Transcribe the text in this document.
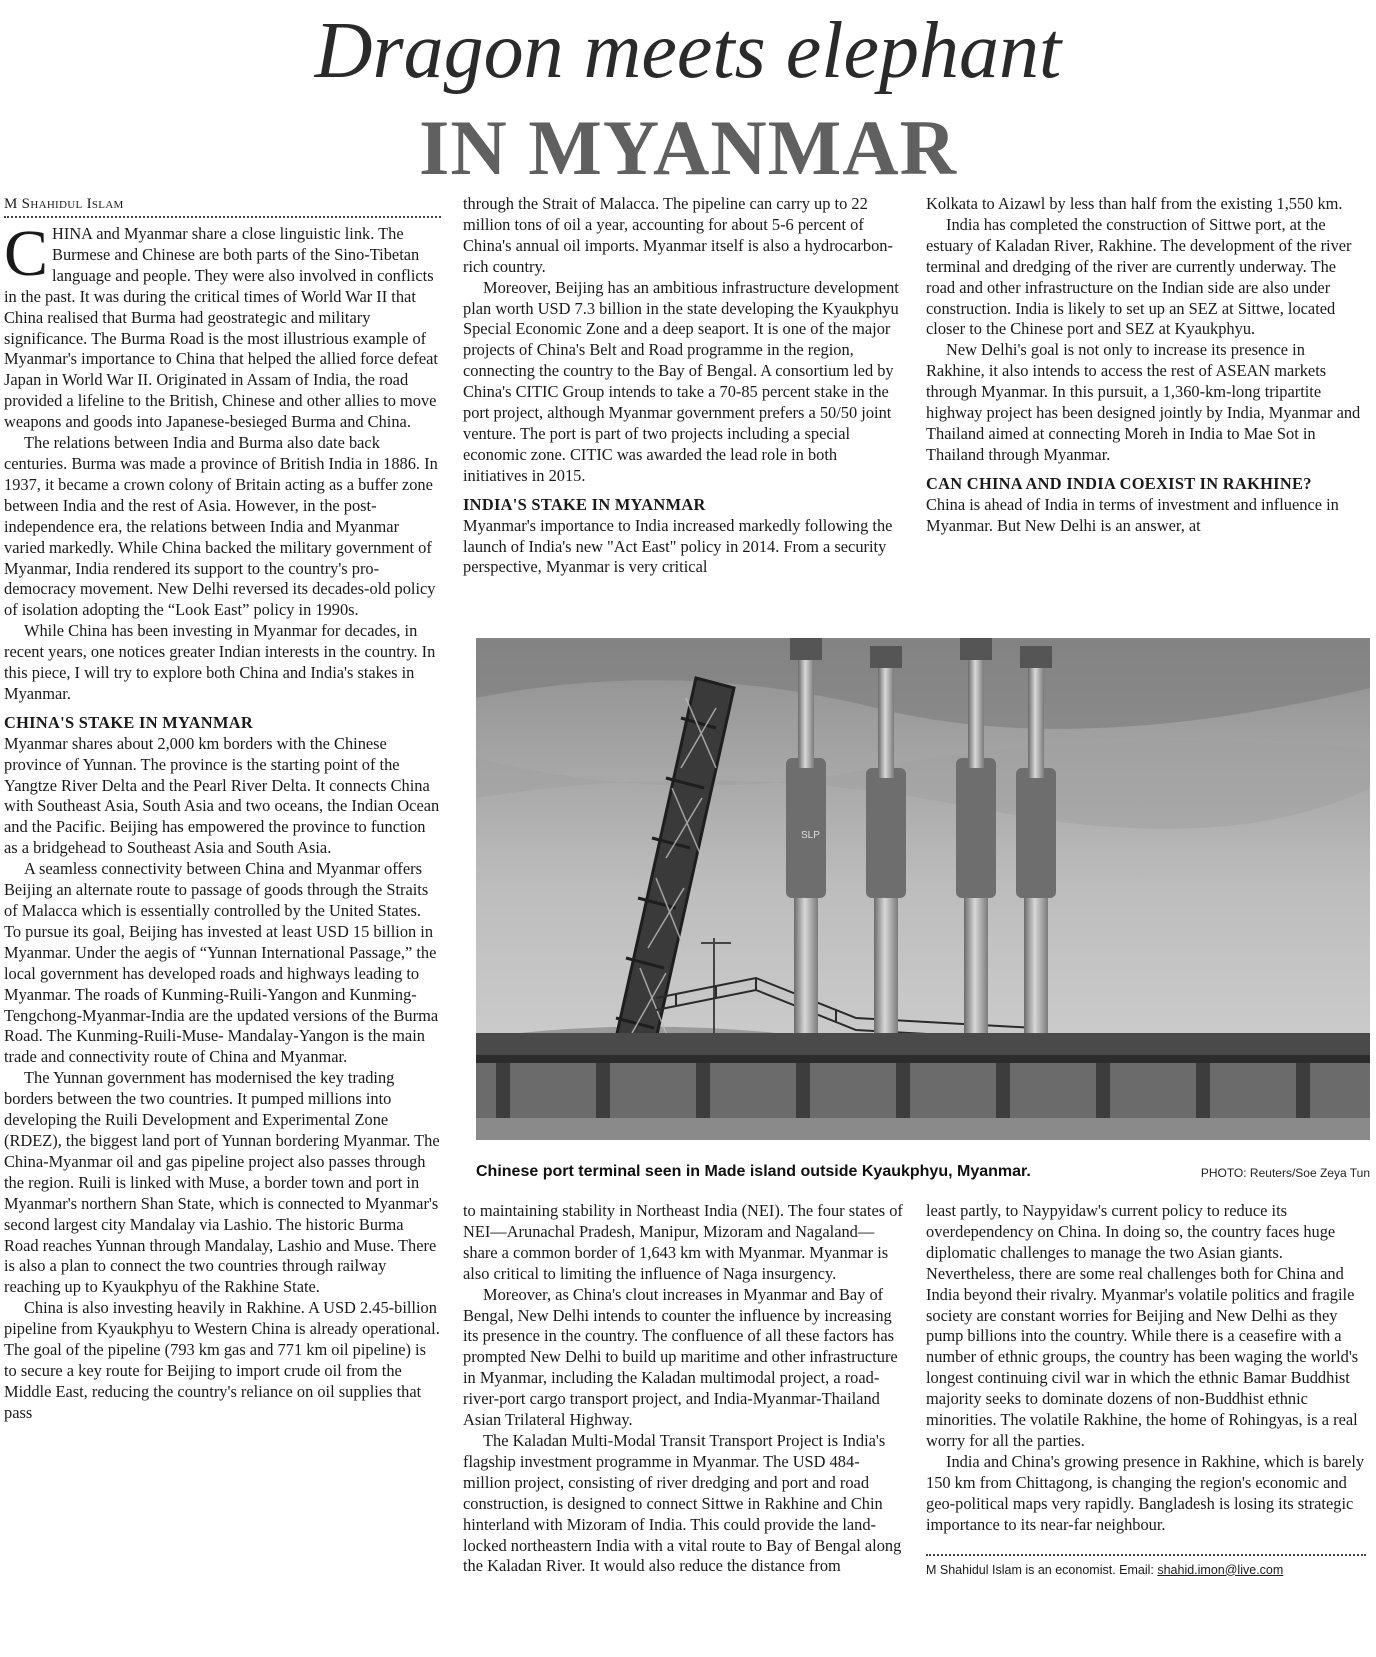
Dragon meets elephant
IN MYANMAR
M Shahidul Islam

CHINA and Myanmar share a close linguistic link. The Burmese and Chinese are both parts of the Sino-Tibetan language and people. They were also involved in conflicts in the past. It was during the critical times of World War II that China realised that Burma had geostrategic and military significance. The Burma Road is the most illustrious example of Myanmar's importance to China that helped the allied force defeat Japan in World War II. Originated in Assam of India, the road provided a lifeline to the British, Chinese and other allies to move weapons and goods into Japanese-besieged Burma and China.

The relations between India and Burma also date back centuries. Burma was made a province of British India in 1886. In 1937, it became a crown colony of Britain acting as a buffer zone between India and the rest of Asia. However, in the post-independence era, the relations between India and Myanmar varied markedly. While China backed the military government of Myanmar, India rendered its support to the country's pro-democracy movement. New Delhi reversed its decades-old policy of isolation adopting the “Look East” policy in 1990s.

While China has been investing in Myanmar for decades, in recent years, one notices greater Indian interests in the country. In this piece, I will try to explore both China and India's stakes in Myanmar.

CHINA'S STAKE IN MYANMAR

Myanmar shares about 2,000 km borders with the Chinese province of Yunnan. The province is the starting point of the Yangtze River Delta and the Pearl River Delta. It connects China with Southeast Asia, South Asia and two oceans, the Indian Ocean and the Pacific. Beijing has empowered the province to function as a bridgehead to Southeast Asia and South Asia.

A seamless connectivity between China and Myanmar offers Beijing an alternate route to passage of goods through the Straits of Malacca which is essentially controlled by the United States. To pursue its goal, Beijing has invested at least USD 15 billion in Myanmar. Under the aegis of “Yunnan International Passage,” the local government has developed roads and highways leading to Myanmar. The roads of Kunming-Ruili-Yangon and Kunming-Tengchong-Myanmar-India are the updated versions of the Burma Road. The Kunming-Ruili-Muse- Mandalay-Yangon is the main trade and connectivity route of China and Myanmar.

The Yunnan government has modernised the key trading borders between the two countries. It pumped millions into developing the Ruili Development and Experimental Zone (RDEZ), the biggest land port of Yunnan bordering Myanmar. The China-Myanmar oil and gas pipeline project also passes through the region. Ruili is linked with Muse, a border town and port in Myanmar's northern Shan State, which is connected to Myanmar's second largest city Mandalay via Lashio. The historic Burma Road reaches Yunnan through Mandalay, Lashio and Muse. There is also a plan to connect the two countries through railway reaching up to Kyaukphyu of the Rakhine State.

China is also investing heavily in Rakhine. A USD 2.45-billion pipeline from Kyaukphyu to Western China is already operational. The goal of the pipeline (793 km gas and 771 km oil pipeline) is to secure a key route for Beijing to import crude oil from the Middle East, reducing the country's reliance on oil supplies that pass

through the Strait of Malacca. The pipeline can carry up to 22 million tons of oil a year, accounting for about 5-6 percent of China's annual oil imports. Myanmar itself is also a hydrocarbon-rich country.

Moreover, Beijing has an ambitious infrastructure development plan worth USD 7.3 billion in the state developing the Kyaukphyu Special Economic Zone and a deep seaport. It is one of the major projects of China's Belt and Road programme in the region, connecting the country to the Bay of Bengal. A consortium led by China's CITIC Group intends to take a 70-85 percent stake in the port project, although Myanmar government prefers a 50/50 joint venture. The port is part of two projects including a special economic zone. CITIC was awarded the lead role in both initiatives in 2015.

INDIA'S STAKE IN MYANMAR

Myanmar's importance to India increased markedly following the launch of India's new "Act East" policy in 2014. From a security perspective, Myanmar is very critical

Kolkata to Aizawl by less than half from the existing 1,550 km.

India has completed the construction of Sittwe port, at the estuary of Kaladan River, Rakhine. The development of the river terminal and dredging of the river are currently underway. The road and other infrastructure on the Indian side are also under construction. India is likely to set up an SEZ at Sittwe, located closer to the Chinese port and SEZ at Kyaukphyu.

New Delhi's goal is not only to increase its presence in Rakhine, it also intends to access the rest of ASEAN markets through Myanmar. In this pursuit, a 1,360-km-long tripartite highway project has been designed jointly by India, Myanmar and Thailand aimed at connecting Moreh in India to Mae Sot in Thailand through Myanmar.

CAN CHINA AND INDIA COEXIST IN RAKHINE?

China is ahead of India in terms of investment and influence in Myanmar. But New Delhi is an answer, at

SLP
Chinese port terminal seen in Made island outside Kyaukphyu, Myanmar.	PHOTO: Reuters/Soe Zeya Tun

to maintaining stability in Northeast India (NEI). The four states of NEI—Arunachal Pradesh, Manipur, Mizoram and Nagaland—share a common border of 1,643 km with Myanmar. Myanmar is also critical to limiting the influence of Naga insurgency.

Moreover, as China's clout increases in Myanmar and Bay of Bengal, New Delhi intends to counter the influence by increasing its presence in the country. The confluence of all these factors has prompted New Delhi to build up maritime and other infrastructure in Myanmar, including the Kaladan multimodal project, a road-river-port cargo transport project, and India-Myanmar-Thailand Asian Trilateral Highway.

The Kaladan Multi-Modal Transit Transport Project is India's flagship investment programme in Myanmar. The USD 484-million project, consisting of river dredging and port and road construction, is designed to connect Sittwe in Rakhine and Chin hinterland with Mizoram of India. This could provide the land-locked northeastern India with a vital route to Bay of Bengal along the Kaladan River. It would also reduce the distance from

least partly, to Naypyidaw's current policy to reduce its overdependency on China. In doing so, the country faces huge diplomatic challenges to manage the two Asian giants. Nevertheless, there are some real challenges both for China and India beyond their rivalry. Myanmar's volatile politics and fragile society are constant worries for Beijing and New Delhi as they pump billions into the country. While there is a ceasefire with a number of ethnic groups, the country has been waging the world's longest continuing civil war in which the ethnic Bamar Buddhist majority seeks to dominate dozens of non-Buddhist ethnic minorities. The volatile Rakhine, the home of Rohingyas, is a real worry for all the parties.

India and China's growing presence in Rakhine, which is barely 150 km from Chittagong, is changing the region's economic and geo-political maps very rapidly. Bangladesh is losing its strategic importance to its near-far neighbour.

M Shahidul Islam is an economist. Email: shahid.imon@live.com
